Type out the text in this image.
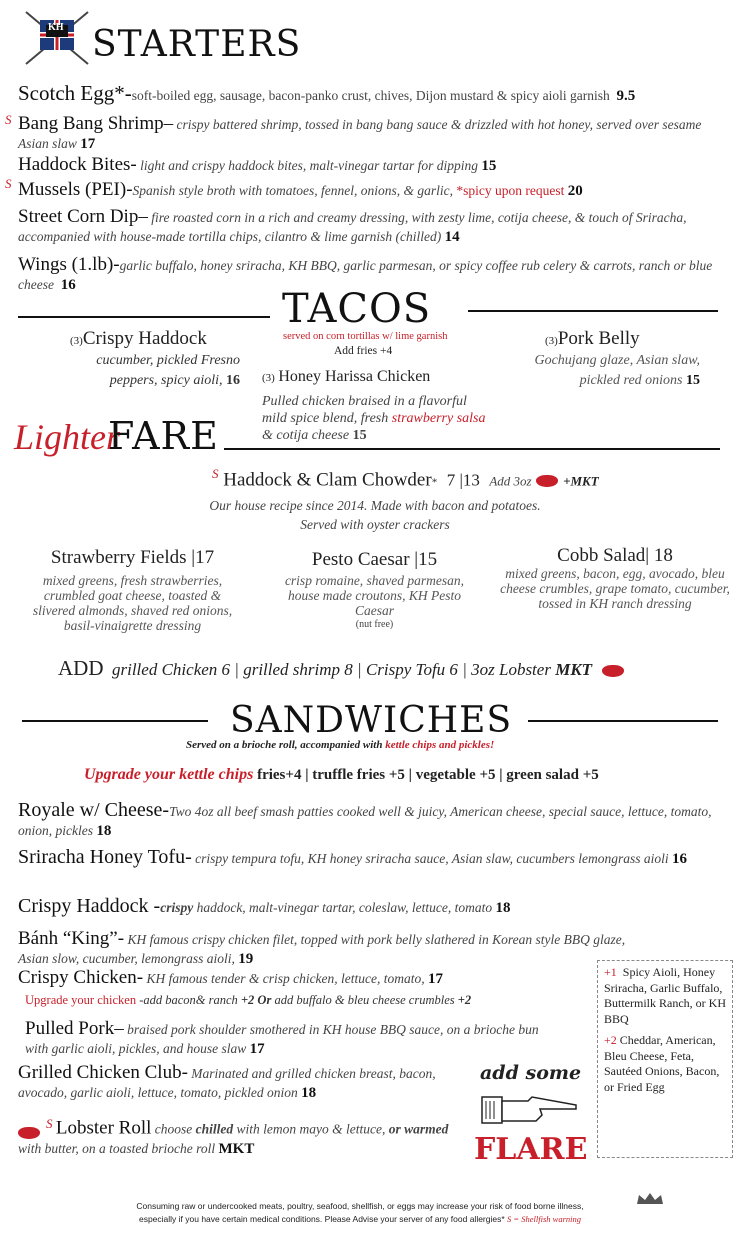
KH STARTERS
Scotch Egg*-soft-boiled egg, sausage, bacon-panko crust, chives, Dijon mustard & spicy aioli garnish 9.5
S Bang Bang Shrimp– crispy battered shrimp, tossed in bang bang sauce & drizzled with hot honey, served over sesame Asian slaw 17
Haddock Bites- light and crispy haddock bites, malt-vinegar tartar for dipping 15
S Mussels (PEI)-Spanish style broth with tomatoes, fennel, onions, & garlic, *spicy upon request 20
Street Corn Dip– fire roasted corn in a rich and creamy dressing, with zesty lime, cotija cheese, & touch of Sriracha, accompanied with house-made tortilla chips, cilantro & lime garnish (chilled) 14
Wings (1.lb)-garlic buffalo, honey sriracha, KH BBQ, garlic parmesan, or spicy coffee rub celery & carrots, ranch or blue cheese 16
TACOS
served on corn tortillas w/ lime garnish
Add fries +4
(3)Crispy Haddock
cucumber, pickled Fresno peppers, spicy aioli, 16 (3) Honey Harissa Chicken
Pulled chicken braised in a flavorful mild spice blend, fresh strawberry salsa & cotija cheese 15
(3)Pork Belly
Gochujang glaze, Asian slaw, pickled red onions 15
Lighter
FARE
$^S$ Haddock & Clam Chowder* 7 |13 Add 3oz +MKT
Our house recipe since 2014. Made with bacon and potatoes.
Served with oyster crackers
Strawberry Fields |17
mixed greens, fresh strawberries, crumbled goat cheese, toasted & slivered almonds, shaved red onions, basil-vinaigrette dressing
Pesto Caesar |15
crisp romaine, shaved parmesan, house made croutons, KH Pesto Caesar
(nut free)
Cobb Salad| 18
mixed greens, bacon, egg, avocado, bleu cheese crumbles, grape tomato, cucumber, tossed in KH ranch dressing
ADD grilled Chicken 6 | grilled shrimp 8 | Crispy Tofu 6 | 3oz Lobster MKT
SANDWICHES
Served on a brioche roll, accompanied with kettle chips and pickles!
Upgrade your kettle chips fries+4 | truffle fries +5 | vegetable +5 | green salad +5
Royale w/ Cheese-Two 4oz all beef smash patties cooked well & juicy, American cheese, special sauce, lettuce, tomato, onion, pickles 18
Sriracha Honey Tofu- crispy tempura tofu, KH honey sriracha sauce, Asian slaw, cucumbers lemongrass aioli 16
Crispy Haddock -crispy haddock, malt-vinegar tartar, coleslaw, lettuce, tomato 18
Bánh “King”- KH famous crispy chicken filet, topped with pork belly slathered in Korean style BBQ glaze, Asian slow, cucumber, lemongrass aioli, 19
Crispy Chicken- KH famous tender & crisp chicken, lettuce, tomato, 17
Upgrade your chicken -add bacon& ranch +2 Or add buffalo & bleu cheese crumbles +2
Pulled Pork– braised pork shoulder smothered in KH house BBQ sauce, on a brioche bun with garlic aioli, pickles, and house slaw 17
Grilled Chicken Club- Marinated and grilled chicken breast, bacon, avocado, garlic aioli, lettuce, tomato, pickled onion 18
S Lobster Roll choose chilled with lemon mayo & lettuce, or warmed with butter, on a toasted brioche roll MKT
add some
FLARE
+1 Spicy Aioli, Honey Sriracha, Garlic Buffalo, Buttermilk Ranch, or KH BBQ
+2 Cheddar, American, Bleu Cheese, Feta, Sautéed Onions, Bacon, or Fried Egg
Consuming raw or undercooked meats, poultry, seafood, shellfish, or eggs may increase your risk of food borne illness,
especially if you have certain medical conditions. Please Advise your server of any food allergies* S = Shellfish warning
